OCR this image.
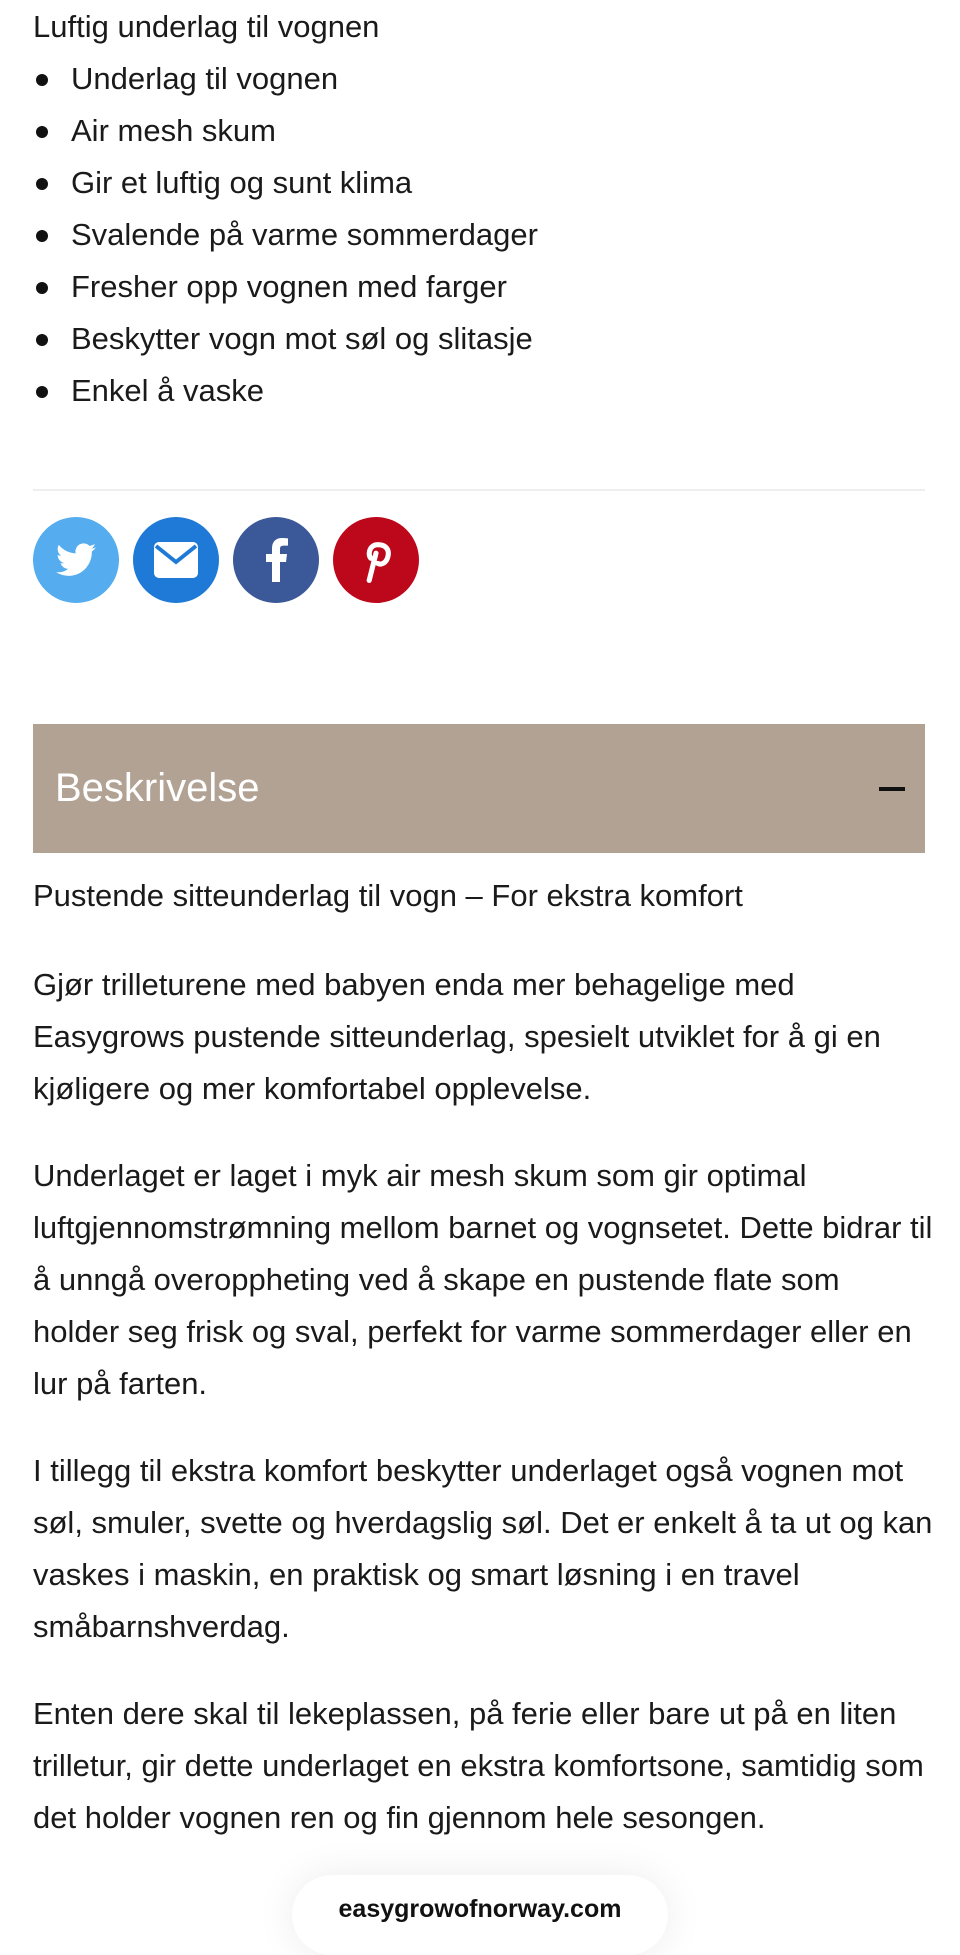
Luftig underlag til vognen
Underlag til vognen
Air mesh skum
Gir et luftig og sunt klima
Svalende på varme sommerdager
Fresher opp vognen med farger
Beskytter vogn mot søl og slitasje
Enkel å vaske
Beskrivelse
Pustende sitteunderlag til vogn – For ekstra komfort

Gjør trilleturene med babyen enda mer behagelige med Easygrows pustende sitteunderlag, spesielt utviklet for å gi en kjøligere og mer komfortabel opplevelse.

Underlaget er laget i myk air mesh skum som gir optimal luftgjennomstrømning mellom barnet og vognsetet. Dette bidrar til å unngå overoppheting ved å skape en pustende flate som holder seg frisk og sval, perfekt for varme sommerdager eller en lur på farten.

I tillegg til ekstra komfort beskytter underlaget også vognen mot søl, smuler, svette og hverdagslig søl. Det er enkelt å ta ut og kan vaskes i maskin, en praktisk og smart løsning i en travel småbarnshverdag.

Enten dere skal til lekeplassen, på ferie eller bare ut på en liten trilletur, gir dette underlaget en ekstra komfortsone, samtidig som det holder vognen ren og fin gjennom hele sesongen.

easygrowofnorway.com
